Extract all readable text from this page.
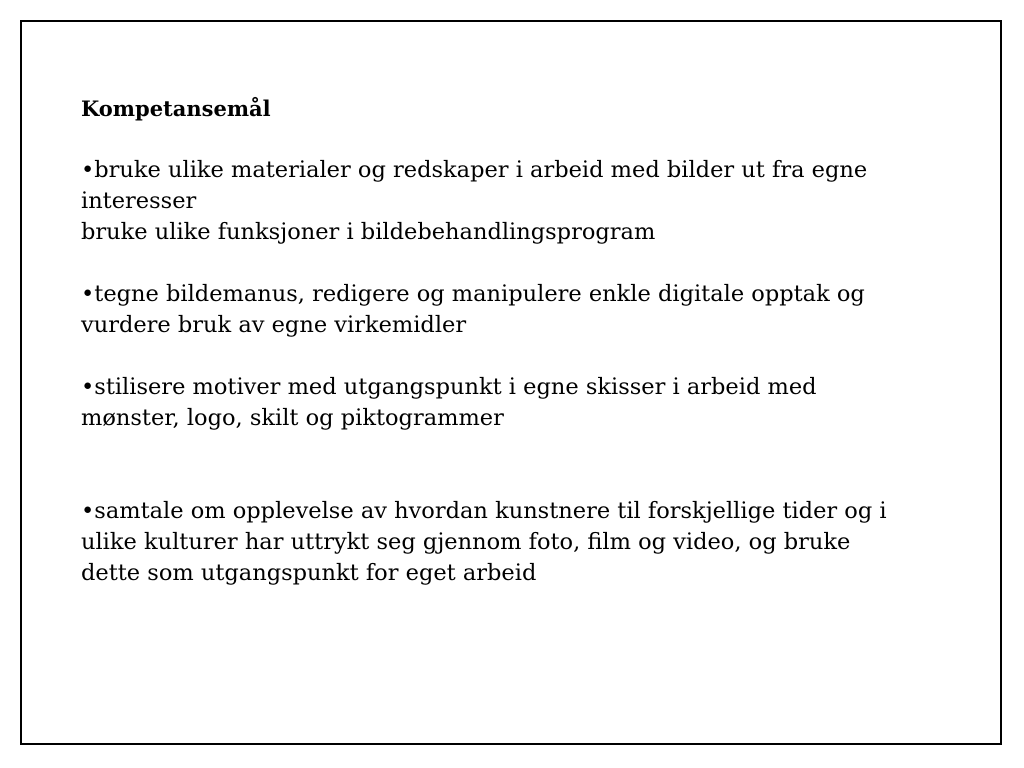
Kompetansemål

•bruke ulike materialer og redskaper i arbeid med bilder ut fra egne
interesser
bruke ulike funksjoner i bildebehandlingsprogram
•tegne bildemanus, redigere og manipulere enkle digitale opptak og
vurdere bruk av egne virkemidler
•stilisere motiver med utgangspunkt i egne skisser i arbeid med
mønster, logo, skilt og piktogrammer
•samtale om opplevelse av hvordan kunstnere til forskjellige tider og i
ulike kulturer har uttrykt seg gjennom foto, film og video, og bruke
dette som utgangspunkt for eget arbeid
